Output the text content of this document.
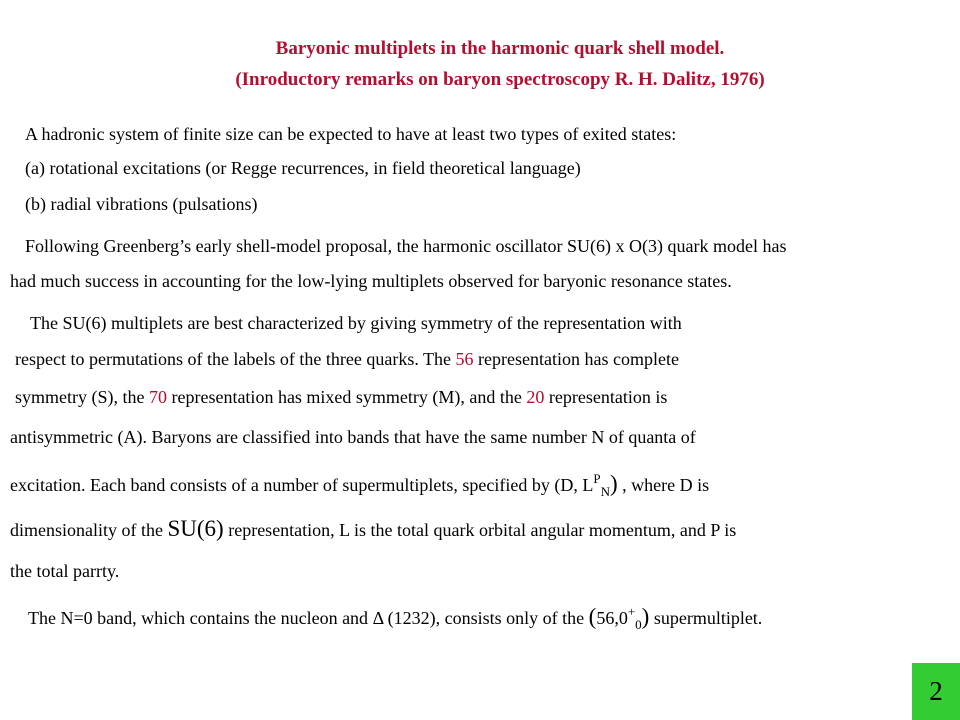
Baryonic multiplets in the harmonic quark shell model.
(Inroductory remarks on baryon spectroscopy R. H. Dalitz, 1976)
A hadronic system of finite size can be expected to have at least two types of exited states:
(a) rotational excitations (or Regge recurrences, in field theoretical language)
(b) radial vibrations (pulsations)
Following Greenberg’s early shell-model proposal, the harmonic oscillator SU(6) x O(3) quark model has
had much success in accounting for the low-lying multiplets observed for baryonic resonance states.
The SU(6) multiplets are best characterized by giving symmetry of the representation with
respect to permutations of the labels of the three quarks. The 56 representation has complete
symmetry (S), the 70 representation has mixed symmetry (M), and the 20 representation is
antisymmetric (A). Baryons are classified into bands that have the same number N of quanta of
excitation. Each band consists of a number of supermultiplets, specified by (D, $L^P_N$) , where D is
dimensionality of the SU(6) representation, L is the total quark orbital angular momentum, and P is
the total parrty.
The N=0 band, which contains the nucleon and Δ (1232), consists only of the $(56,0^+_0)$ supermultiplet.
2
